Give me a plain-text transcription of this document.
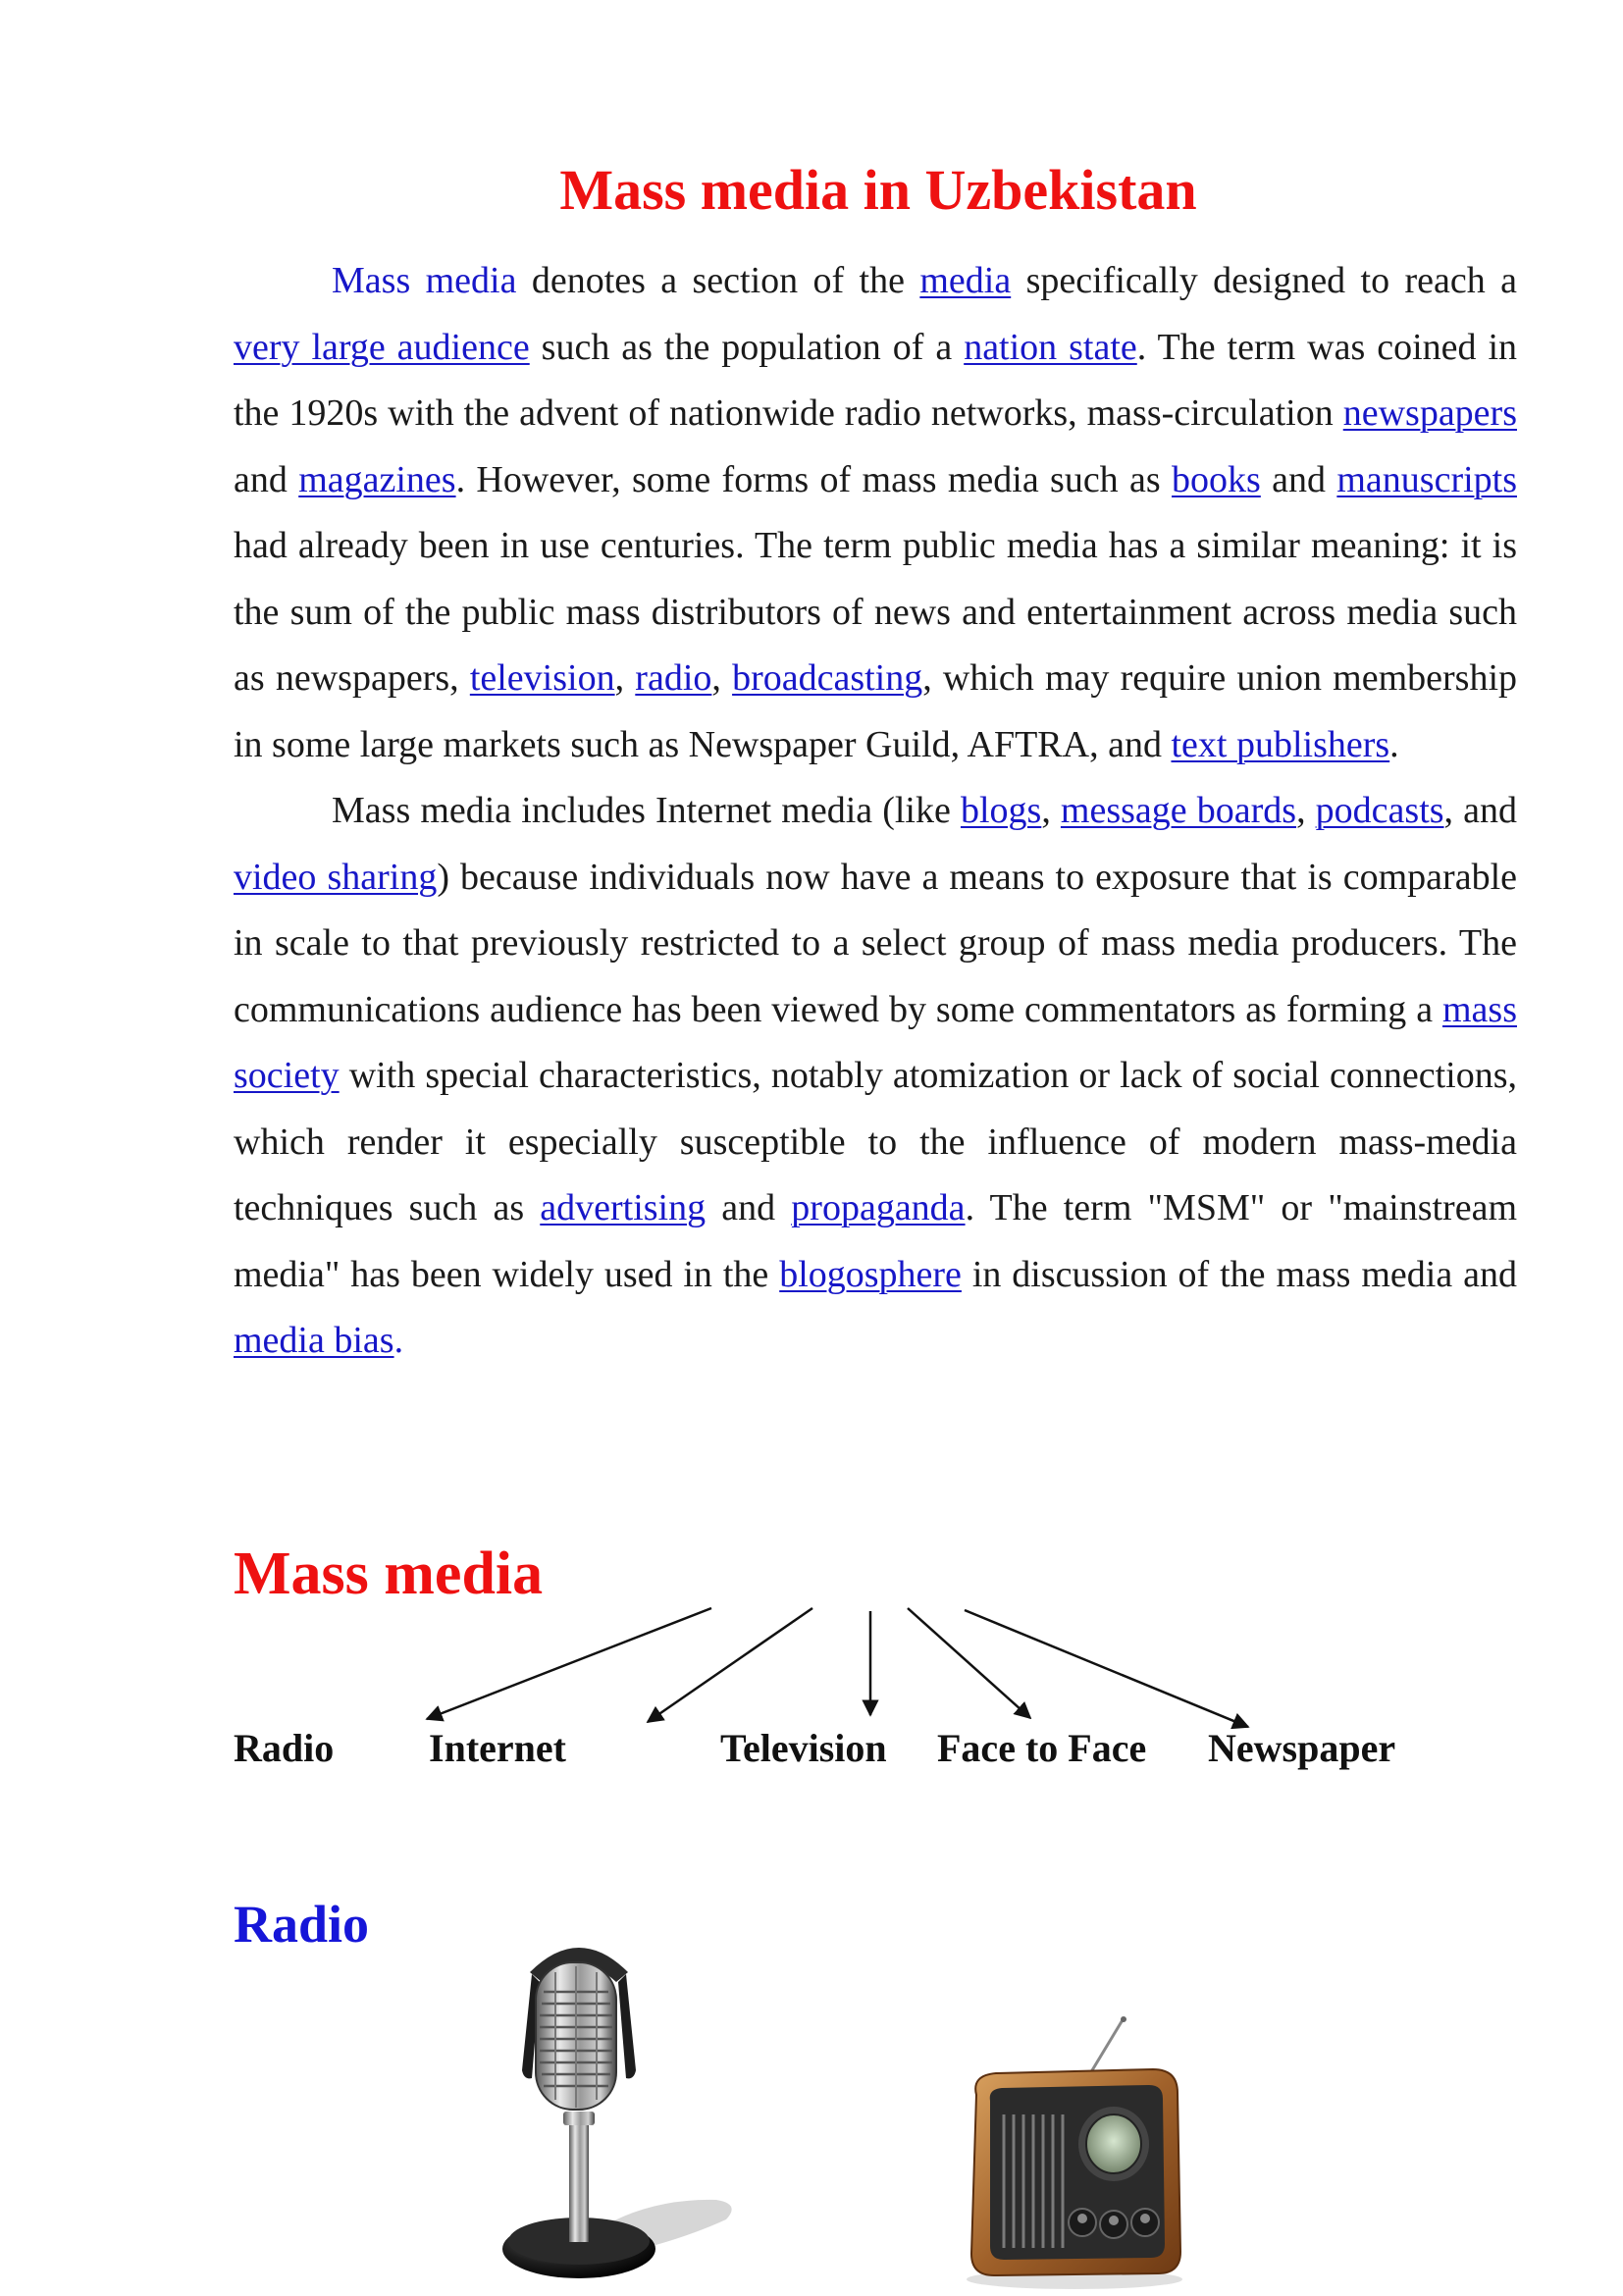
Mass media in Uzbekistan

Mass media denotes a section of the media specifically designed to reach a very large audience such as the population of a nation state. The term was coined in the 1920s with the advent of nationwide radio networks, mass-circulation newspapers and magazines. However, some forms of mass media such as books and manuscripts had already been in use centuries. The term public media has a similar meaning: it is the sum of the public mass distributors of news and entertainment across media such as newspapers, television, radio, broadcasting, which may require union membership in some large markets such as Newspaper Guild, AFTRA, and text publishers.

Mass media includes Internet media (like blogs, message boards, podcasts, and video sharing) because individuals now have a means to exposure that is comparable in scale to that previously restricted to a select group of mass media producers. The communications audience has been viewed by some commentators as forming a mass society with special characteristics, notably atomization or lack of social connections, which render it especially susceptible to the influence of modern mass-media techniques such as advertising and propaganda. The term "MSM" or "mainstream media" has been widely used in the blogosphere in discussion of the mass media and media bias.

Mass media
Radio Internet	Television Face to Face Newspaper
Radio
